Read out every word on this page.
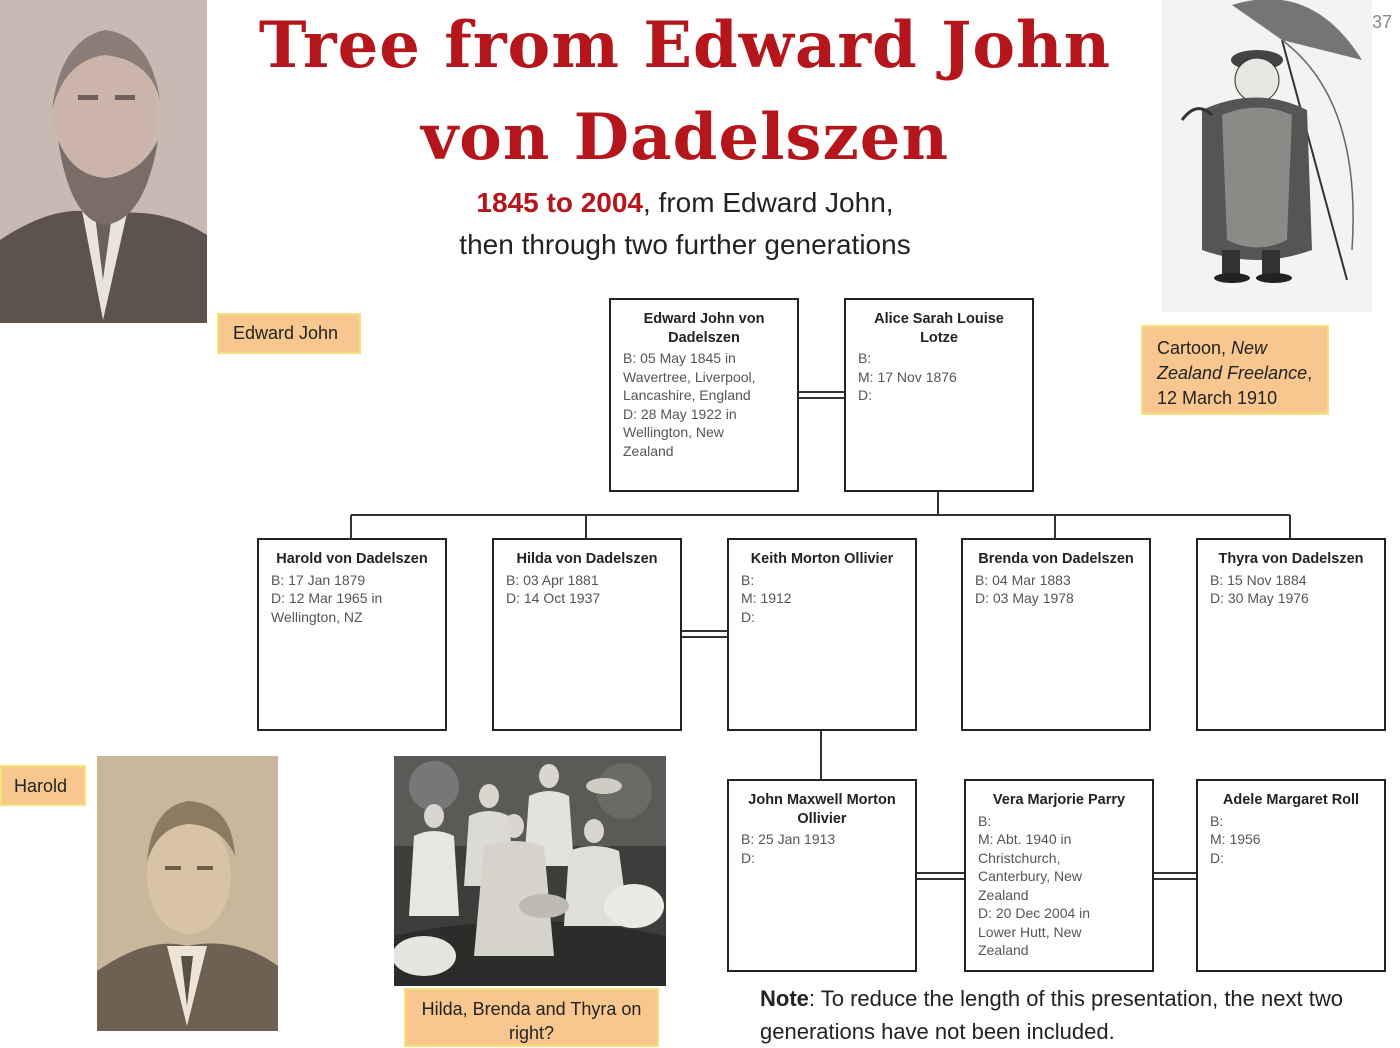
Tree from Edward John
von Dadelszen
1845 to 2004, from Edward John,
then through two further generations
37
Edward John
Harold
Cartoon, New Zealand Freelance,
12 March 1910
Hilda, Brenda and Thyra on right?
Edward John von Dadelszen
B: 05 May 1845 in
Wavertree, Liverpool,
Lancashire, England
D: 28 May 1922 in
Wellington, New
Zealand
Alice Sarah Louise Lotze
B:
M: 17 Nov 1876
D:
Harold von Dadelszen
B: 17 Jan 1879
D: 12 Mar 1965 in
Wellington, NZ
Hilda von Dadelszen
B: 03 Apr 1881
D: 14 Oct 1937
Keith Morton Ollivier
B:
M: 1912
D:
Brenda von Dadelszen
B: 04 Mar 1883
D: 03 May 1978
Thyra von Dadelszen
B: 15 Nov 1884
D: 30 May 1976
John Maxwell Morton Ollivier
B: 25 Jan 1913
D:
Vera Marjorie Parry
B:
M: Abt. 1940 in
Christchurch,
Canterbury, New
Zealand
D: 20 Dec 2004 in
Lower Hutt, New
Zealand
Adele Margaret Roll
B:
M: 1956
D:
Note: To reduce the length of this presentation, the next two generations have not been included.
